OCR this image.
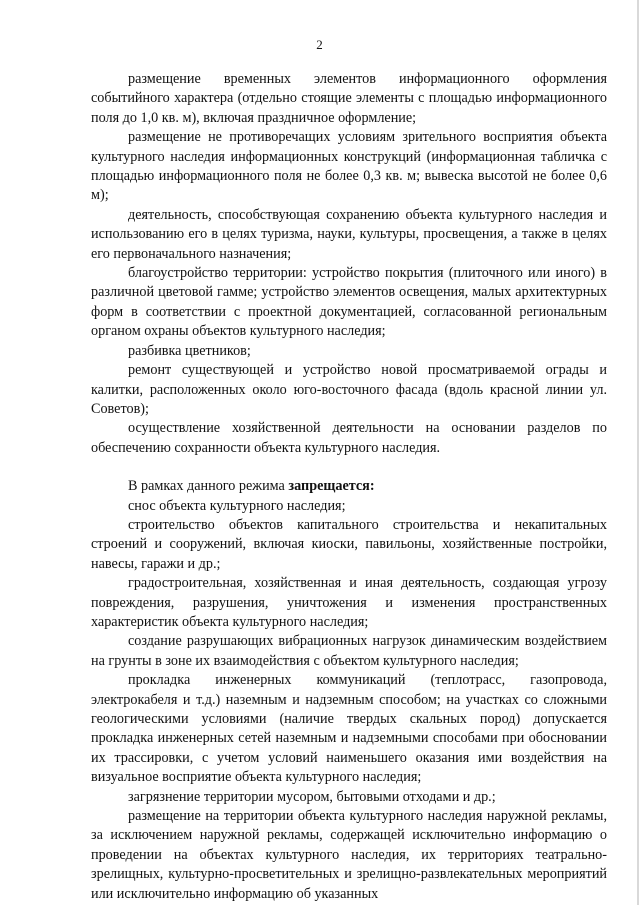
2

размещение временных элементов информационного оформления событийного характера (отдельно стоящие элементы с площадью информационного поля до 1,0 кв. м), включая праздничное оформление;

размещение не противоречащих условиям зрительного восприятия объекта культурного наследия информационных конструкций (информационная табличка с площадью информационного поля не более 0,3 кв. м; вывеска высотой не более 0,6 м);

деятельность, способствующая сохранению объекта культурного наследия и использованию его в целях туризма, науки, культуры, просвещения, а также в целях его первоначального назначения;

благоустройство территории: устройство покрытия (плиточного или иного) в различной цветовой гамме; устройство элементов освещения, малых архитектурных форм в соответствии с проектной документацией, согласованной региональным органом охраны объектов культурного наследия;

разбивка цветников;

ремонт существующей и устройство новой просматриваемой ограды и калитки, расположенных около юго-восточного фасада (вдоль красной линии ул. Советов);

осуществление хозяйственной деятельности на основании разделов по обеспечению сохранности объекта культурного наследия.

В рамках данного режима запрещается:

снос объекта культурного наследия;

строительство объектов капитального строительства и некапитальных строений и сооружений, включая киоски, павильоны, хозяйственные постройки, навесы, гаражи и др.;

градостроительная, хозяйственная и иная деятельность, создающая угрозу повреждения, разрушения, уничтожения и изменения пространственных характеристик объекта культурного наследия;

создание разрушающих вибрационных нагрузок динамическим воздействием на грунты в зоне их взаимодействия с объектом культурного наследия;

прокладка инженерных коммуникаций (теплотрасс, газопровода, электрокабеля и т.д.) наземным и надземным способом; на участках со сложными геологическими условиями (наличие твердых скальных пород) допускается прокладка инженерных сетей наземным и надземными способами при обосновании их трассировки, с учетом условий наименьшего оказания ими воздействия на визуальное восприятие объекта культурного наследия;

загрязнение территории мусором, бытовыми отходами и др.;

размещение на территории объекта культурного наследия наружной рекламы, за исключением наружной рекламы, содержащей исключительно информацию о проведении на объектах культурного наследия, их территориях театрально-зрелищных, культурно-просветительных и зрелищно-развлекательных мероприятий или исключительно информацию об указанных
